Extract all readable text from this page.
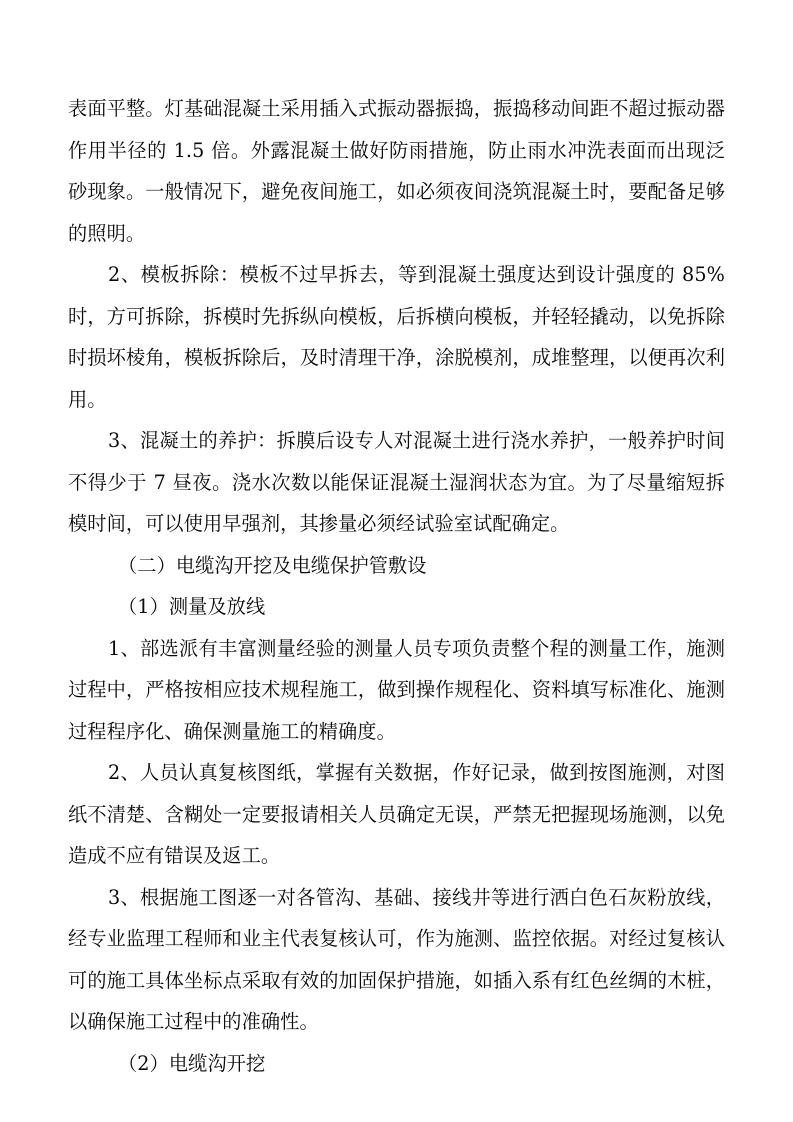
表面平整。灯基础混凝土采用插入式振动器振捣，振捣移动间距不超过振动器作用半径的 1.5 倍。外露混凝土做好防雨措施，防止雨水冲洗表面而出现泛砂现象。一般情况下，避免夜间施工，如必须夜间浇筑混凝土时，要配备足够的照明。

2、模板拆除：模板不过早拆去，等到混凝土强度达到设计强度的 85%时，方可拆除，拆模时先拆纵向模板，后拆横向模板，并轻轻撬动，以免拆除时损坏棱角，模板拆除后，及时清理干净，涂脱模剂，成堆整理，以便再次利用。

3、混凝土的养护：拆膜后设专人对混凝土进行浇水养护，一般养护时间不得少于 7 昼夜。浇水次数以能保证混凝土湿润状态为宜。为了尽量缩短拆模时间，可以使用早强剂，其掺量必须经试验室试配确定。

（二）电缆沟开挖及电缆保护管敷设

（1）测量及放线

1、部选派有丰富测量经验的测量人员专项负责整个程的测量工作，施测过程中，严格按相应技术规程施工，做到操作规程化、资料填写标准化、施测过程程序化、确保测量施工的精确度。

2、人员认真复核图纸，掌握有关数据，作好记录，做到按图施测，对图纸不清楚、含糊处一定要报请相关人员确定无误，严禁无把握现场施测，以免造成不应有错误及返工。

3、根据施工图逐一对各管沟、基础、接线井等进行洒白色石灰粉放线，经专业监理工程师和业主代表复核认可，作为施测、监控依据。对经过复核认可的施工具体坐标点采取有效的加固保护措施，如插入系有红色丝绸的木桩，以确保施工过程中的准确性。

（2）电缆沟开挖
